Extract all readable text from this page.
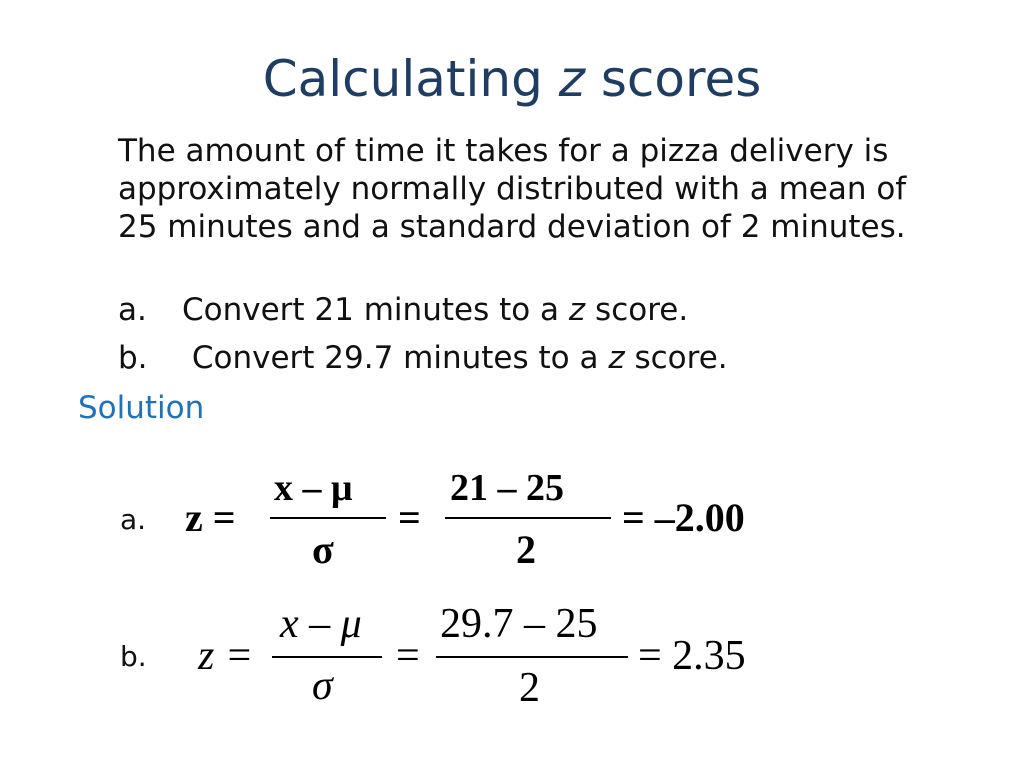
Calculating z scores
The amount of time it takes for a pizza delivery is approximately normally distributed with a mean of 25 minutes and a standard deviation of 2 minutes.
a. Convert 21 minutes to a z score.
b. Convert 29.7 minutes to a z score.
Solution
a. z =
x – μ
σ
=
21 – 25
2
= –2.00
b. z =
x – μ
σ
=
29.7 – 25
2
= 2.35
